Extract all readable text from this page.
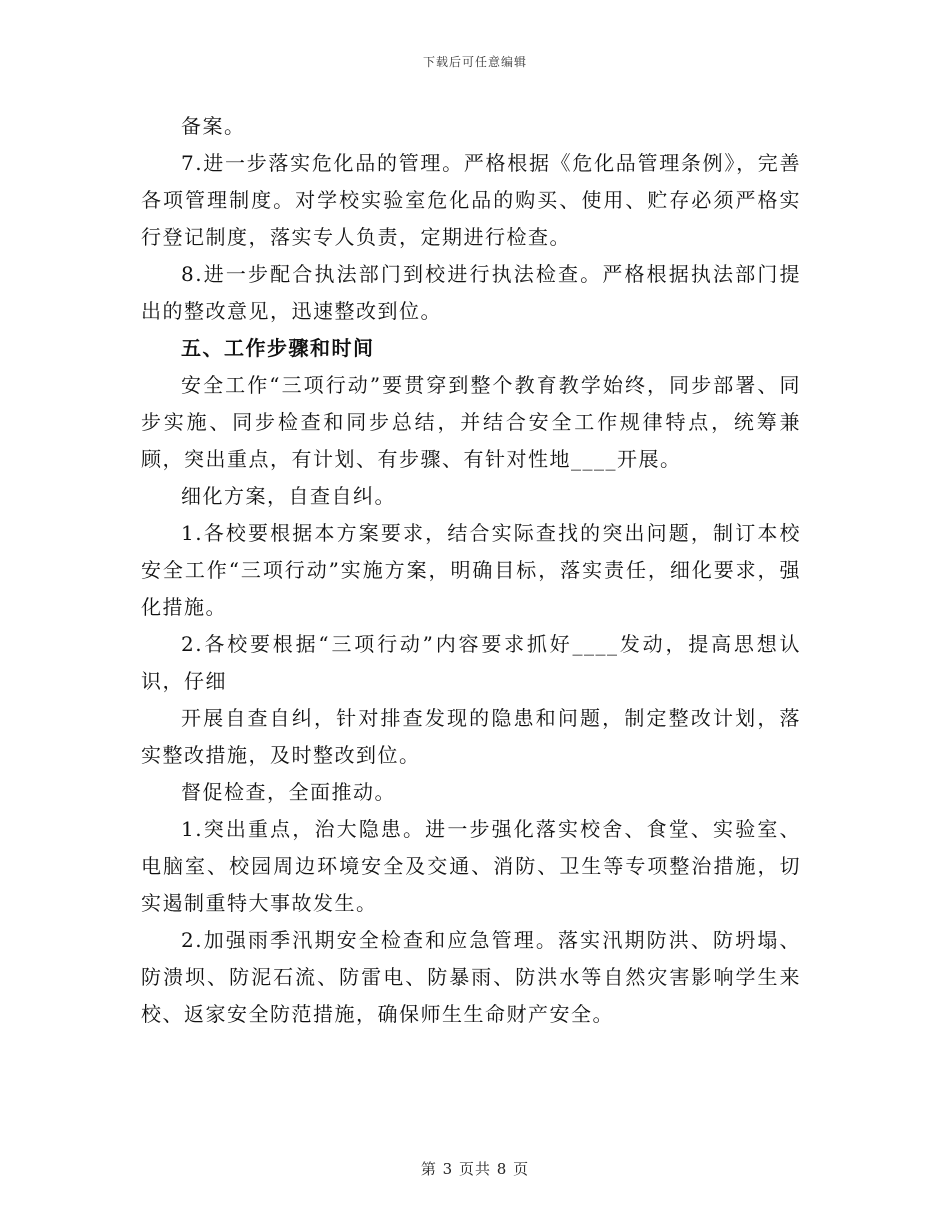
下载后可任意编辑

备案。

7.进一步落实危化品的管理。严格根据《危化品管理条例》，完善各项管理制度。对学校实验室危化品的购买、使用、贮存必须严格实行登记制度，落实专人负责，定期进行检查。

8.进一步配合执法部门到校进行执法检查。严格根据执法部门提出的整改意见，迅速整改到位。

五、工作步骤和时间

安全工作“三项行动”要贯穿到整个教育教学始终，同步部署、同步实施、同步检查和同步总结，并结合安全工作规律特点，统筹兼顾，突出重点，有计划、有步骤、有针对性地____开展。

细化方案，自查自纠。

1.各校要根据本方案要求，结合实际查找的突出问题，制订本校安全工作“三项行动”实施方案，明确目标，落实责任，细化要求，强化措施。

2.各校要根据“三项行动”内容要求抓好____发动，提高思想认识，仔细

开展自查自纠，针对排查发现的隐患和问题，制定整改计划，落实整改措施，及时整改到位。

督促检查，全面推动。

1.突出重点，治大隐患。进一步强化落实校舍、食堂、实验室、电脑室、校园周边环境安全及交通、消防、卫生等专项整治措施，切实遏制重特大事故发生。

2.加强雨季汛期安全检查和应急管理。落实汛期防洪、防坍塌、防溃坝、防泥石流、防雷电、防暴雨、防洪水等自然灾害影响学生来校、返家安全防范措施，确保师生生命财产安全。

第 3 页共 8 页
